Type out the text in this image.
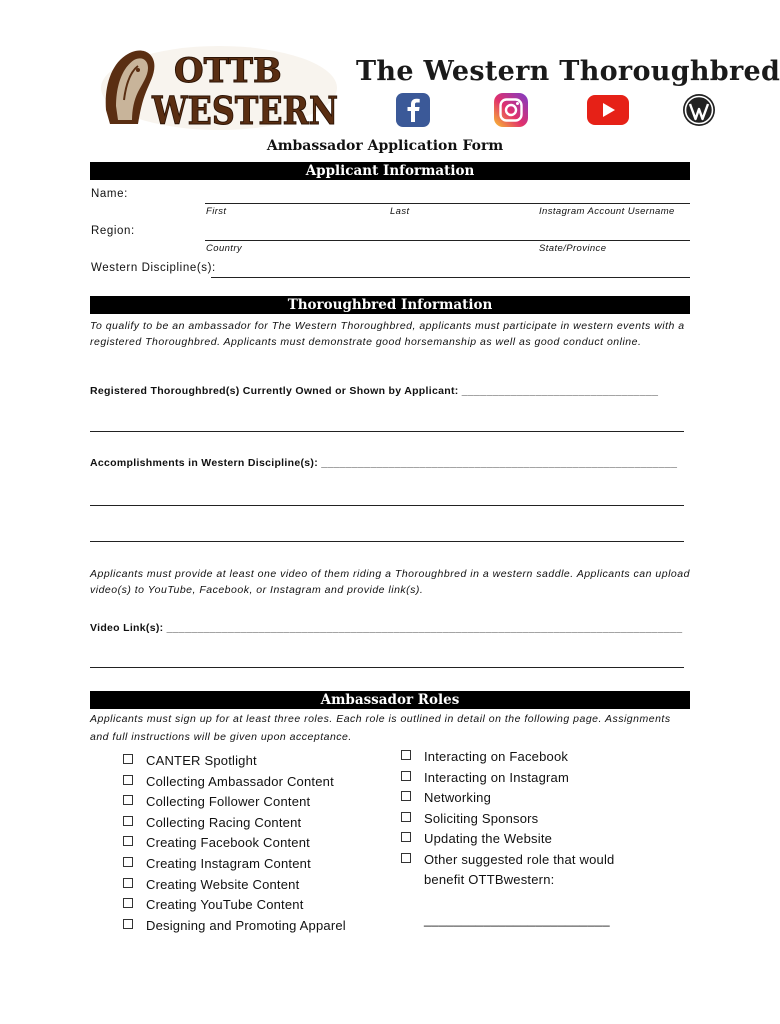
OTTB
WESTERN
The Western Thoroughbred
Ambassador Application Form
Applicant Information
Name:
First	Last	Instagram Account Username
Region:
Country	State/Province
Western Discipline(s):
Thoroughbred Information
To qualify to be an ambassador for The Western Thoroughbred, applicants must participate in western events with a registered Thoroughbred. Applicants must demonstrate good horsemanship as well as good conduct online.
Registered Thoroughbred(s) Currently Owned or Shown by Applicant: ________________________________
Accomplishments in Western Discipline(s): __________________________________________________________
Applicants must provide at least one video of them riding a Thoroughbred in a western saddle. Applicants can upload video(s) to YouTube, Facebook, or Instagram and provide link(s).
Video Link(s): ____________________________________________________________________________________
Ambassador Roles
Applicants must sign up for at least three roles. Each role is outlined in detail on the following page. Assignments and full instructions will be given upon acceptance.
CANTER Spotlight
Collecting Ambassador Content
Collecting Follower Content
Collecting Racing Content
Creating Facebook Content
Creating Instagram Content
Creating Website Content
Creating YouTube Content
Designing and Promoting Apparel
Interacting on Facebook
Interacting on Instagram
Networking
Soliciting Sponsors
Updating the Website
Other suggested role that would
benefit OTTBwestern:
_________________________
